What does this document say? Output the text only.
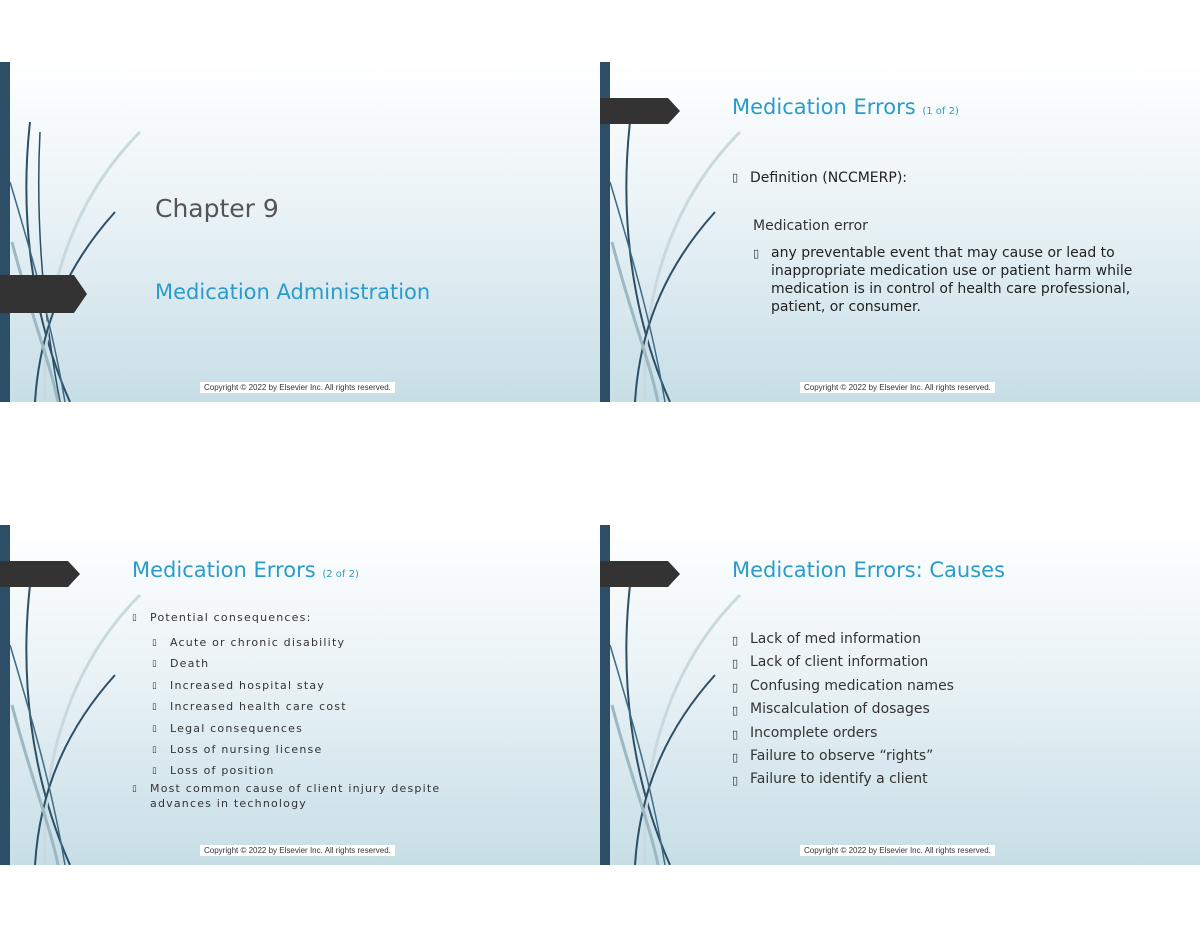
Chapter 9
Medication Administration
Copyright © 2022 by Elsevier Inc. All rights reserved.
Medication Errors (1 of 2)
▯ Definition (NCCMERP):
Medication error
▯ any preventable event that may cause or lead to inappropriate medication use or patient harm while medication is in control of health care professional, patient, or consumer.
Copyright © 2022 by Elsevier Inc. All rights reserved.
Medication Errors (2 of 2)
▯ Potential consequences:
▯ Acute or chronic disability
▯ Death
▯ Increased hospital stay
▯ Increased health care cost
▯ Legal consequences
▯ Loss of nursing license
▯ Loss of position
▯ Most common cause of client injury despite advances in technology
Copyright © 2022 by Elsevier Inc. All rights reserved.
Medication Errors: Causes
▯ Lack of med information
▯ Lack of client information
▯ Confusing medication names
▯ Miscalculation of dosages
▯ Incomplete orders
▯ Failure to observe “rights”
▯ Failure to identify a client
Copyright © 2022 by Elsevier Inc. All rights reserved.
